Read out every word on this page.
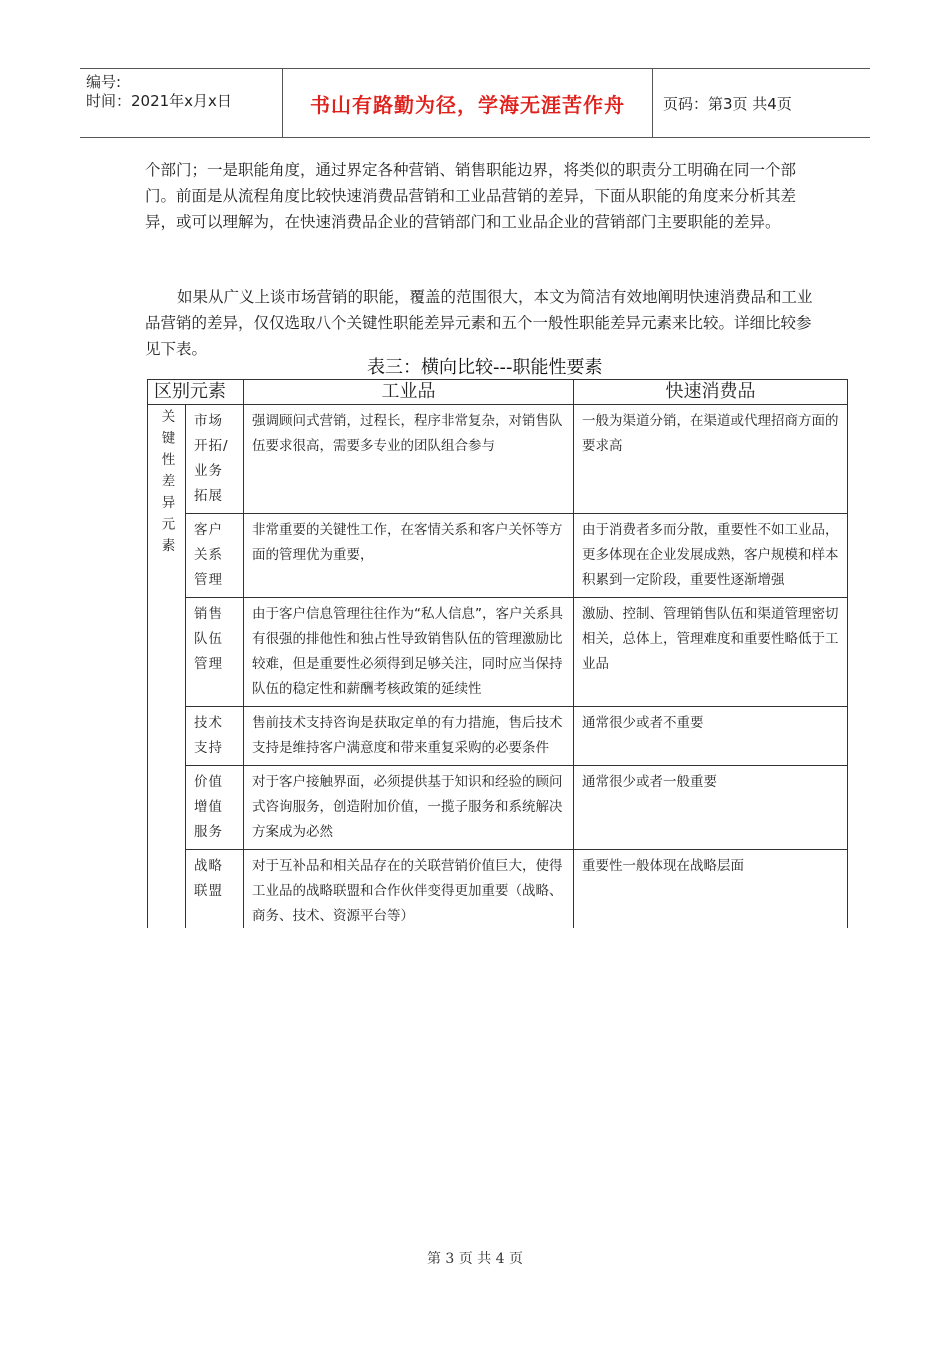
编号:
时间：2021年x月x日	书山有路勤为径，学海无涯苦作舟	页码：第3页 共4页

个部门；一是职能角度，通过界定各种营销、销售职能边界，将类似的职责分工明确在同一个部门。前面是从流程角度比较快速消费品营销和工业品营销的差异，下面从职能的角度来分析其差异，或可以理解为，在快速消费品企业的营销部门和工业品企业的营销部门主要职能的差异。

如果从广义上谈市场营销的职能，覆盖的范围很大，本文为简洁有效地阐明快速消费品和工业品营销的差异，仅仅选取八个关键性职能差异元素和五个一般性职能差异元素来比较。详细比较参见下表。

表三：横向比较---职能性要素
区别元素		工业品	快速消费品

关键性差异元素	市场开拓/业务拓展	强调顾问式营销，过程长，程序非常复杂，对销售队伍要求很高，需要多专业的团队组合参与	一般为渠道分销，在渠道或代理招商方面的要求高
	客户关系管理	非常重要的关键性工作，在客情关系和客户关怀等方面的管理优为重要，	由于消费者多而分散，重要性不如工业品，更多体现在企业发展成熟，客户规模和样本积累到一定阶段，重要性逐渐增强
	销售队伍管理	由于客户信息管理往往作为“私人信息”，客户关系具有很强的排他性和独占性导致销售队伍的管理激励比较难，但是重要性必须得到足够关注，同时应当保持队伍的稳定性和薪酬考核政策的延续性	激励、控制、管理销售队伍和渠道管理密切相关，总体上，管理难度和重要性略低于工业品
	技术支持	售前技术支持咨询是获取定单的有力措施，售后技术支持是维持客户满意度和带来重复采购的必要条件	通常很少或者不重要
	价值增值服务	对于客户接触界面，必须提供基于知识和经验的顾问式咨询服务，创造附加价值，一揽子服务和系统解决方案成为必然	通常很少或者一般重要
	战略联盟	对于互补品和相关品存在的关联营销价值巨大，使得工业品的战略联盟和合作伙伴变得更加重要（战略、商务、技术、资源平台等）	重要性一般体现在战略层面
第 3 页 共 4 页
